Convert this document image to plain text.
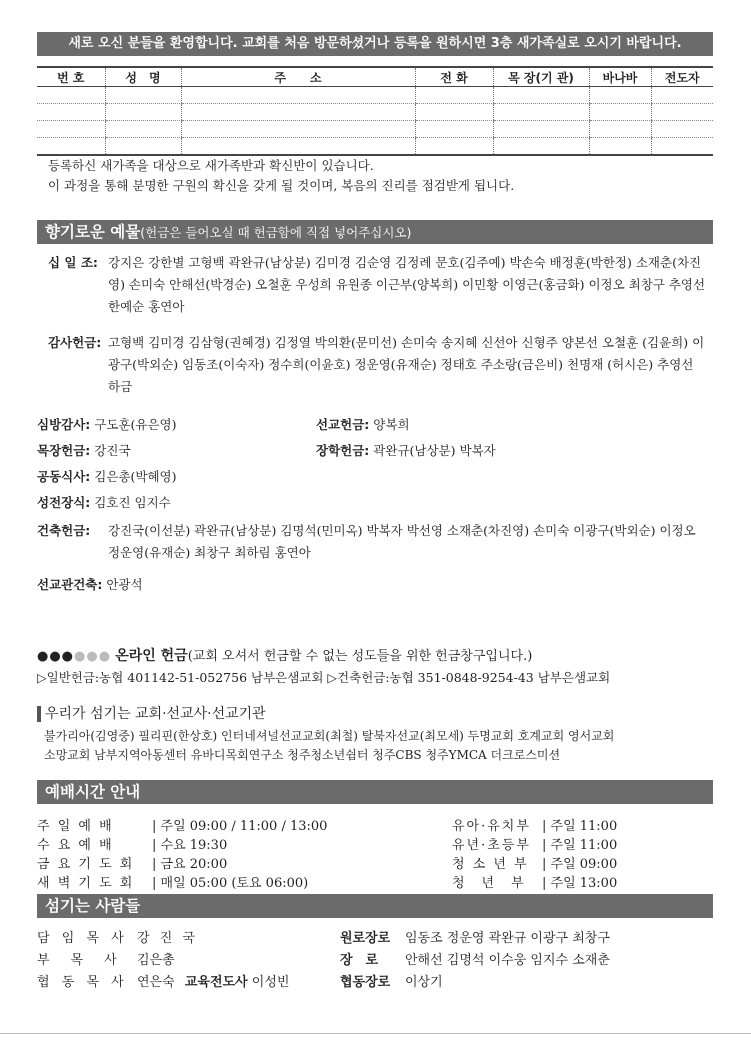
새로 오신 분들을 환영합니다. 교회를 처음 방문하셨거나 등록을 원하시면 3층 새가족실로 오시기 바랍니다.
번 호	성　명	주　　소	전 화	목 장(기 관)	바나바	전도자

등록하신 새가족을 대상으로 새가족반과 확신반이 있습니다.
이 과정을 통해 분명한 구원의 확신을 갖게 될 것이며, 복음의 진리를 점검받게 됩니다.
향기로운 예물(헌금은 들어오실 때 헌금함에 직접 넣어주십시오)
십 일 조: 강지은 강한별 고형백 곽완규(남상분) 김미경 김순영 김정례 문호(김주예) 박손숙 배정훈(박한정) 소재춘(차진영) 손미숙 안해선(박경순) 오철훈 우성희 유원종 이근부(양복희) 이민황 이영근(홍금화) 이정오 최창구 추영선 한예순 홍연아
감사헌금: 고형백 김미경 김삼형(권혜경) 김정열 박의환(문미선) 손미숙 송지혜 신선아 신형주 양본선 오철훈 (김윤희) 이광구(박외순) 임동조(이숙자) 정수희(이윤호) 정운영(유재순) 정태호 주소랑(금은비) 천명재 (허시은) 추영선 하금
심방감사: 구도훈(유은영)	선교헌금: 양복희
목장헌금: 강진국	장학헌금: 곽완규(남상분) 박복자
공동식사: 김은총(박혜영)
성전장식: 김호진 임지수
건축헌금: 강진국(이선분) 곽완규(남상분) 김명석(민미옥) 박복자 박선영 소재춘(차진영) 손미숙 이광구(박외순) 이정오 정운영(유재순) 최창구 최하림 홍연아
선교관건축: 안광석
●●●●●● 온라인 헌금(교회 오셔서 헌금할 수 없는 성도들을 위한 헌금창구입니다.)
▷일반헌금:농협 401142-51-052756 남부은샘교회 ▷건축헌금:농협 351-0848-9254-43 남부은샘교회
우리가 섬기는 교회·선교사·선교기관
불가리아(김영중) 필리핀(한상호) 인터네셔널선교교회(최철) 탈북자선교(최모세) 두명교회 호계교회 영서교회
소망교회 남부지역아동센터 유바디목회연구소 청주청소년쉼터 청주CBS 청주YMCA 더크로스미션
예배시간 안내
주 일 예 배	| 주일 09:00 / 11:00 / 13:00
수 요 예 배	| 수요 19:30
금 요 기 도 회 | 금요 20:00
새 벽 기 도 회 | 매일 05:00 (토요 06:00)
유아·유치부 | 주일 11:00
유년·초등부 | 주일 11:00
청 소 년 부 | 주일 09:00
청　년　부 | 주일 13:00
섬기는 사람들
담 임 목 사 강 진 국
부　목　사 김은총
협 동 목 사 연은숙 교육전도사 이성빈
원로장로 임동조 정운영 곽완규 이광구 최창구
장　로 안해선 김명석 이수웅 임지수 소재춘
협동장로 이상기
